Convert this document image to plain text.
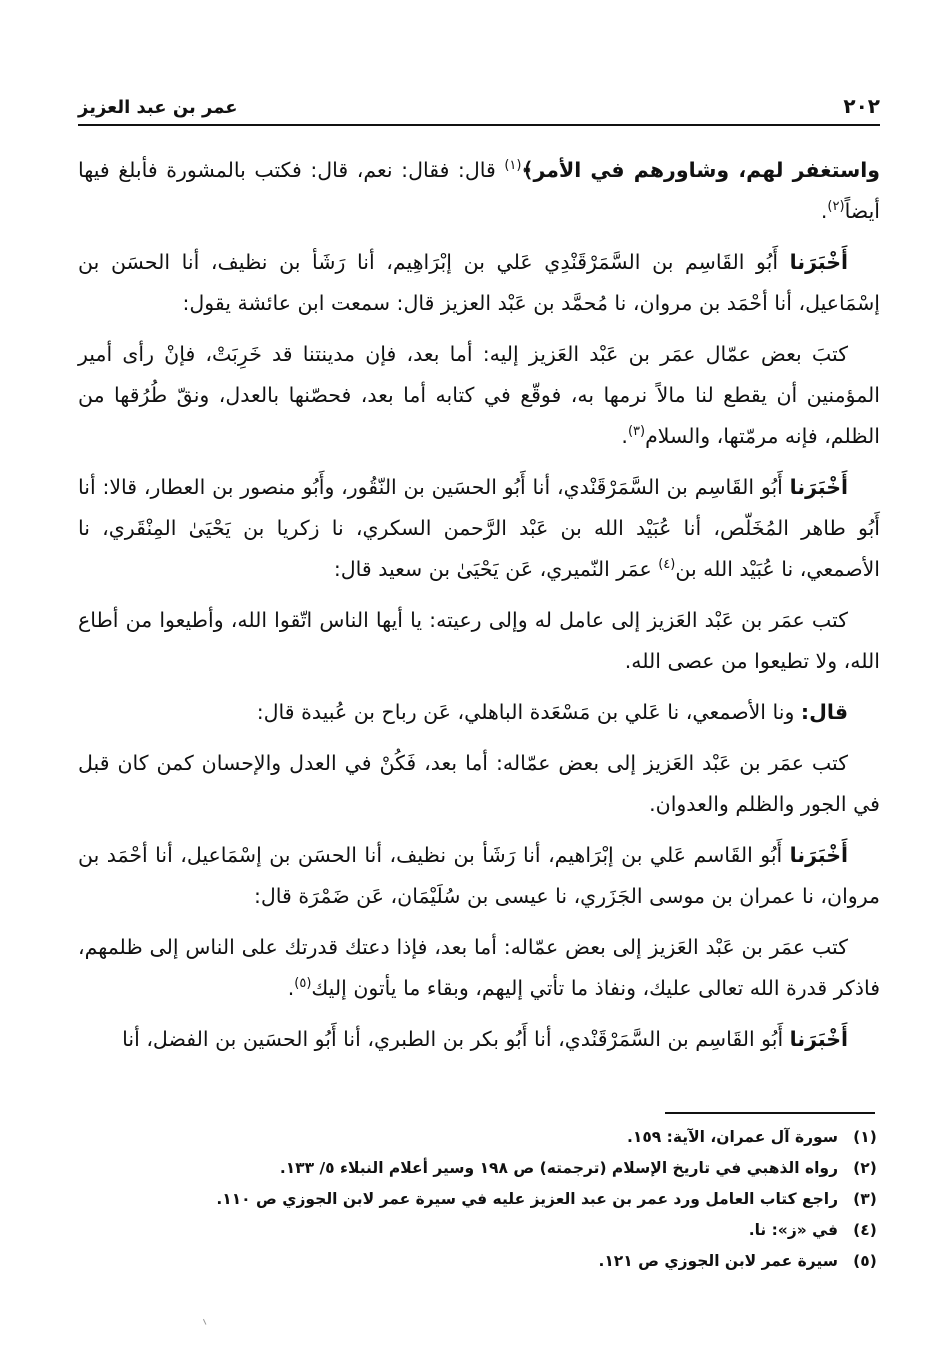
٢٠٢
عمر بن عبد العزيز

واستغفر لهم، وشاورهم في الأمر﴾$^{(١)}$ قال: فقال: نعم، قال: فكتب بالمشورة فأبلغ فيها أيضاً$^{(٢)}$.

أَخْبَرَنا أَبُو القَاسِم بن السَّمَرْقَنْدِي عَلي بن إبْرَاهِيم، أنا رَشَأ بن نظيف، أنا الحسَن بن إسْمَاعيل، أنا أحْمَد بن مروان، نا مُحمَّد بن عَبْد العزيز قال: سمعت ابن عائشة يقول:

كتبَ بعض عمّال عمَر بن عَبْد العَزيز إليه: أما بعد، فإن مدينتنا قد خَرِبَتْ، فإنْ رأى أمير المؤمنين أن يقطع لنا مالاً نرمها به، فوقّع في كتابه أما بعد، فحصّنها بالعدل، ونقّ طُرُقها من الظلم، فإنه مرمّتها، والسلام$^{(٣)}$.

أَخْبَرَنا أَبُو القَاسِم بن السَّمَرْقَنْدي، أنا أَبُو الحسَين بن النّقُور، وأَبُو منصور بن العطار، قالا: أنا أَبُو طاهر المُخَلّص، أنا عُبَيْد الله بن عَبْد الرَّحمن السكري، نا زكريا بن يَحْيَىٰ المِنْقَري، نا الأصمعي، نا عُبَيْد الله بن$^{(٤)}$ عمَر النّميري، عَن يَحْيَىٰ بن سعيد قال:

كتب عمَر بن عَبْد العَزيز إلى عامل له وإلى رعيته: يا أيها الناس اتّقوا الله، وأطيعوا من أطاع الله، ولا تطيعوا من عصى الله.

قال: ونا الأصمعي، نا عَلي بن مَسْعَدة الباهلي، عَن رباح بن عُبيدة قال:

كتب عمَر بن عَبْد العَزيز إلى بعض عمّاله: أما بعد، فَكُنْ في العدل والإحسان كمن كان قبل في الجور والظلم والعدوان.

أَخْبَرَنا أَبُو القَاسم عَلي بن إبْرَاهيم، أنا رَشَأ بن نظيف، أنا الحسَن بن إسْمَاعيل، أنا أحْمَد بن مروان، نا عمران بن موسى الجَزَري، نا عيسى بن سُلَيْمَان، عَن ضَمْرَة قال:

كتب عمَر بن عَبْد العَزيز إلى بعض عمّاله: أما بعد، فإذا دعتك قدرتك على الناس إلى ظلمهم، فاذكر قدرة الله تعالى عليك، ونفاذ ما تأتي إليهم، وبقاء ما يأتون إليك$^{(٥)}$.

أَخْبَرَنا أَبُو القَاسِم بن السَّمَرْقَنْدي، أنا أَبُو بكر بن الطبري، أنا أَبُو الحسَين بن الفضل، أنا

(١)
سورة آل عمران، الآية: ١٥٩.

(٢)
رواه الذهبي في تاريخ الإسلام (ترجمته) ص ١٩٨ وسير أعلام النبلاء ٥/ ١٣٣.

(٣)
راجع كتاب العامل ورد عمر بن عبد العزيز عليه في سيرة عمر لابن الجوزي ص ١١٠.

(٤)
في «ز»: نا.

(٥)
سيرة عمر لابن الجوزي ص ١٢١.
